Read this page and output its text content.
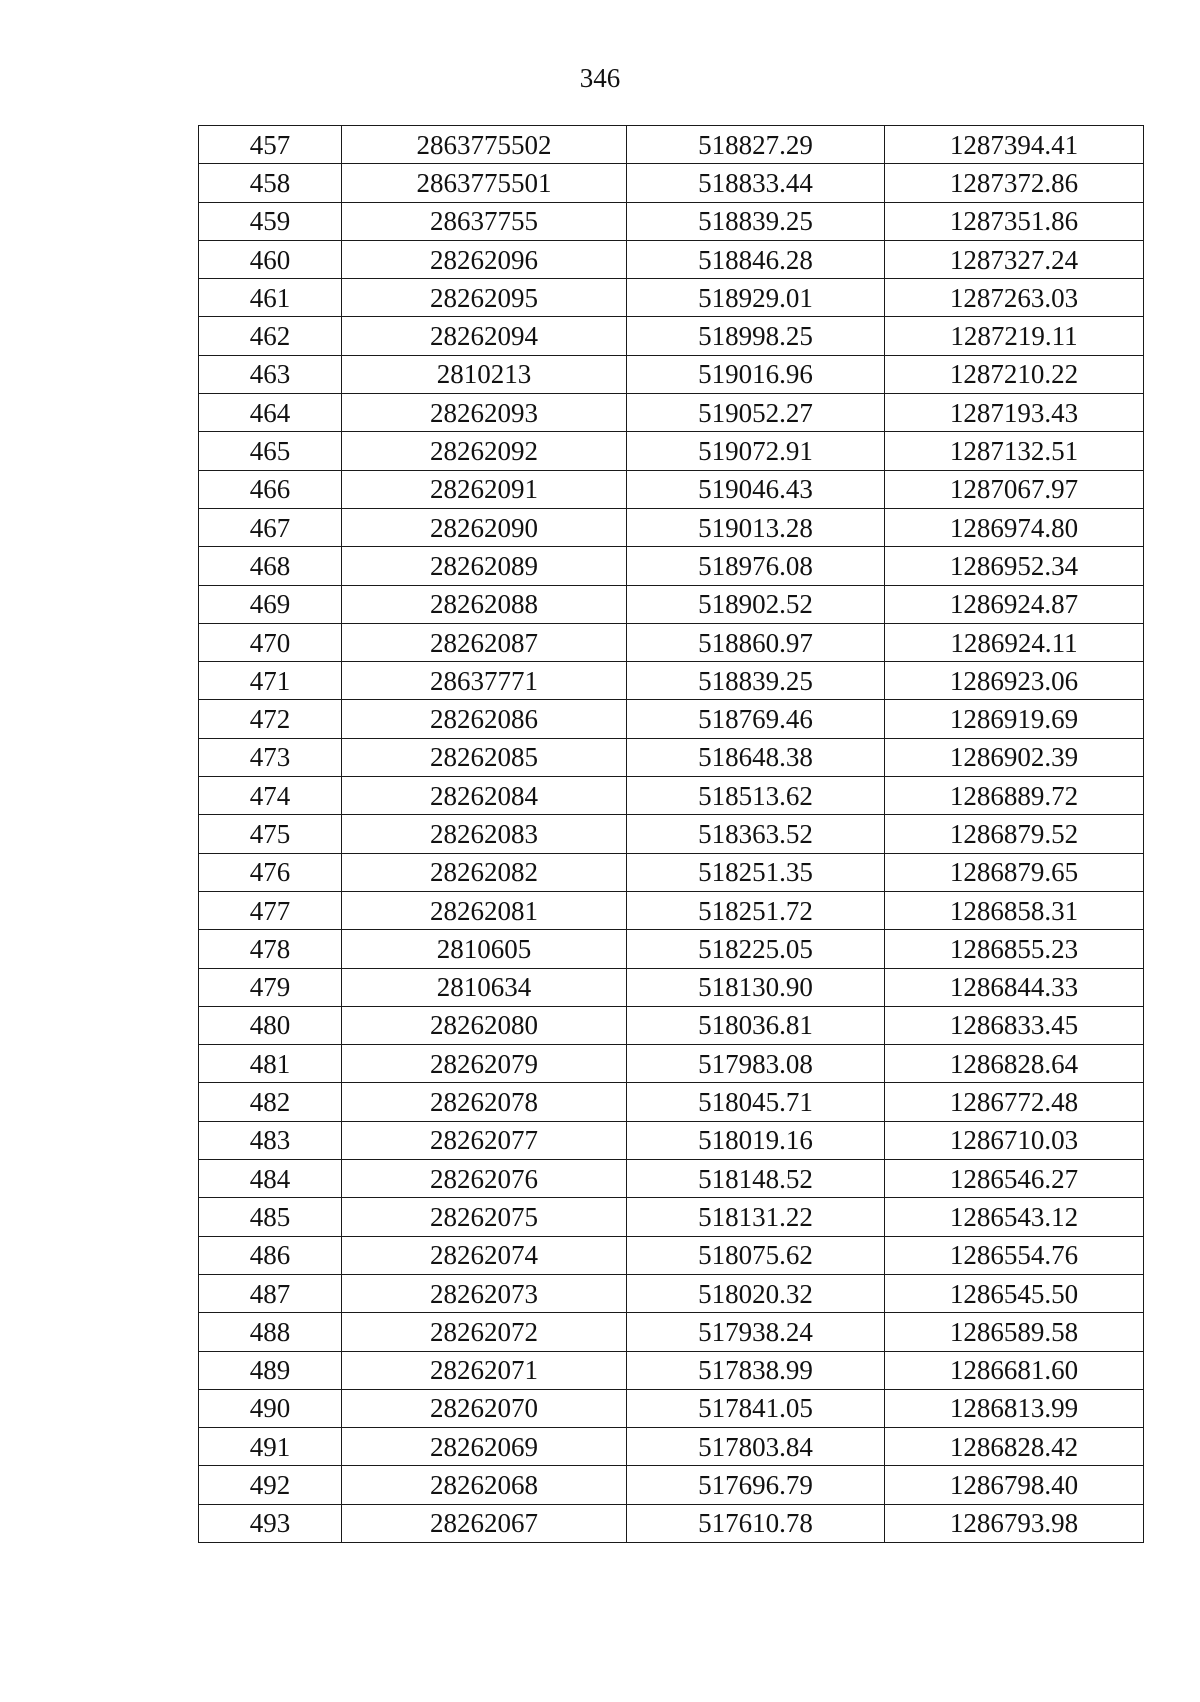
346
457	2863775502	518827.29	1287394.41
458	2863775501	518833.44	1287372.86
459	28637755	518839.25	1287351.86
460	28262096	518846.28	1287327.24
461	28262095	518929.01	1287263.03
462	28262094	518998.25	1287219.11
463	2810213	519016.96	1287210.22
464	28262093	519052.27	1287193.43
465	28262092	519072.91	1287132.51
466	28262091	519046.43	1287067.97
467	28262090	519013.28	1286974.80
468	28262089	518976.08	1286952.34
469	28262088	518902.52	1286924.87
470	28262087	518860.97	1286924.11
471	28637771	518839.25	1286923.06
472	28262086	518769.46	1286919.69
473	28262085	518648.38	1286902.39
474	28262084	518513.62	1286889.72
475	28262083	518363.52	1286879.52
476	28262082	518251.35	1286879.65
477	28262081	518251.72	1286858.31
478	2810605	518225.05	1286855.23
479	2810634	518130.90	1286844.33
480	28262080	518036.81	1286833.45
481	28262079	517983.08	1286828.64
482	28262078	518045.71	1286772.48
483	28262077	518019.16	1286710.03
484	28262076	518148.52	1286546.27
485	28262075	518131.22	1286543.12
486	28262074	518075.62	1286554.76
487	28262073	518020.32	1286545.50
488	28262072	517938.24	1286589.58
489	28262071	517838.99	1286681.60
490	28262070	517841.05	1286813.99
491	28262069	517803.84	1286828.42
492	28262068	517696.79	1286798.40
493	28262067	517610.78	1286793.98
